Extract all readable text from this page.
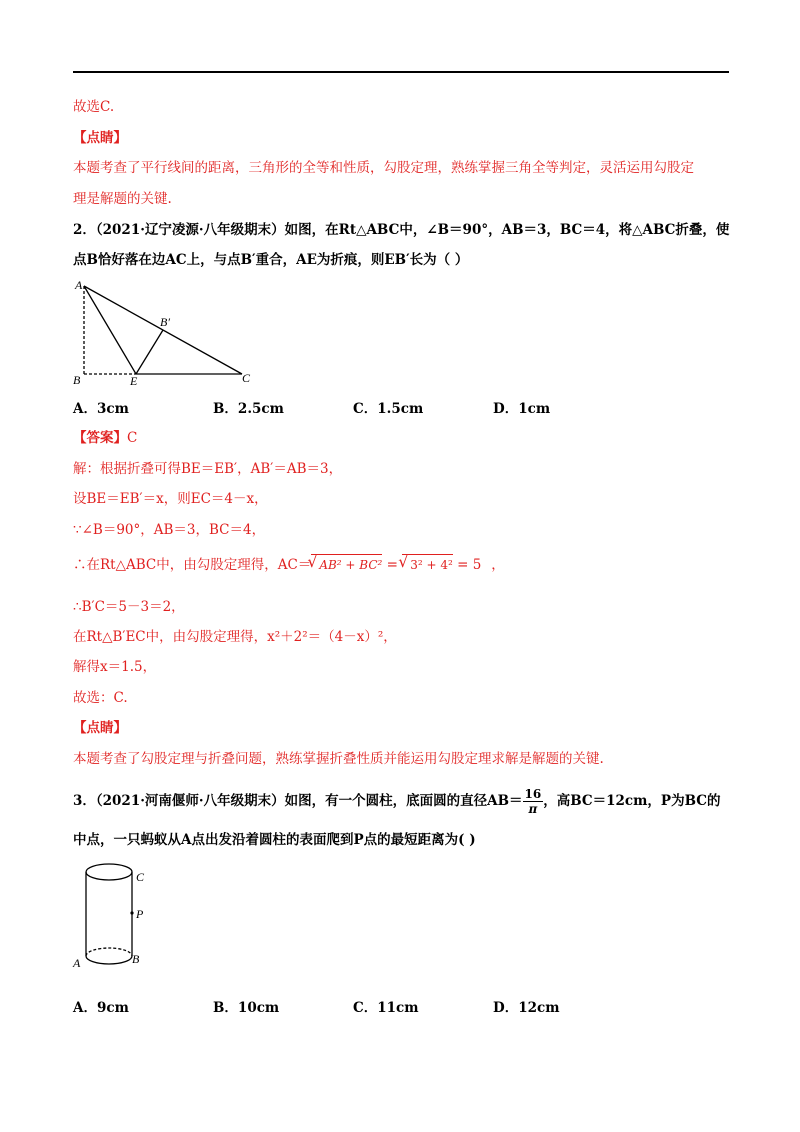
故选C.
【点睛】
本题考查了平行线间的距离，三角形的全等和性质，勾股定理，熟练掌握三角全等判定，灵活运用勾股定
理是解题的关键.
2．（2021·辽宁凌源·八年级期末）如图，在Rt△ABC中，∠B＝90°，AB＝3，BC＝4，将△ABC折叠，使
点B恰好落在边AC上，与点B′重合，AE为折痕，则EB′长为（ ）
A
B	E	C
B′
A．3cm	B．2.5cm	C．1.5cm	D．1cm
【答案】C
解：根据折叠可得BE＝EB′，AB′＝AB＝3，
设BE＝EB′＝x，则EC＝4－x，
∵∠B＝90°，AB＝3，BC＝4，
∴在Rt△ABC中，由勾股定理得，AC＝√ AB² + BC² = √ 3² + 4² = 5 ，
∴B′C＝5－3＝2，
在Rt△B′EC中，由勾股定理得，x²＋2²＝（4－x）²，
解得x＝1.5，
故选：C.
【点睛】
本题考查了勾股定理与折叠问题，熟练掌握折叠性质并能运用勾股定理求解是解题的关键.
3．（2021·河南偃师·八年级期末）如图，有一个圆柱，底面圆的直径$AB= \frac{16}{\pi}$ ，高BC＝12cm，P为BC的
中点，一只蚂蚁从A点出发沿着圆柱的表面爬到P点的最短距离为( )
C
P
A	B
A．9cm	B．10cm	C．11cm	D．12cm
